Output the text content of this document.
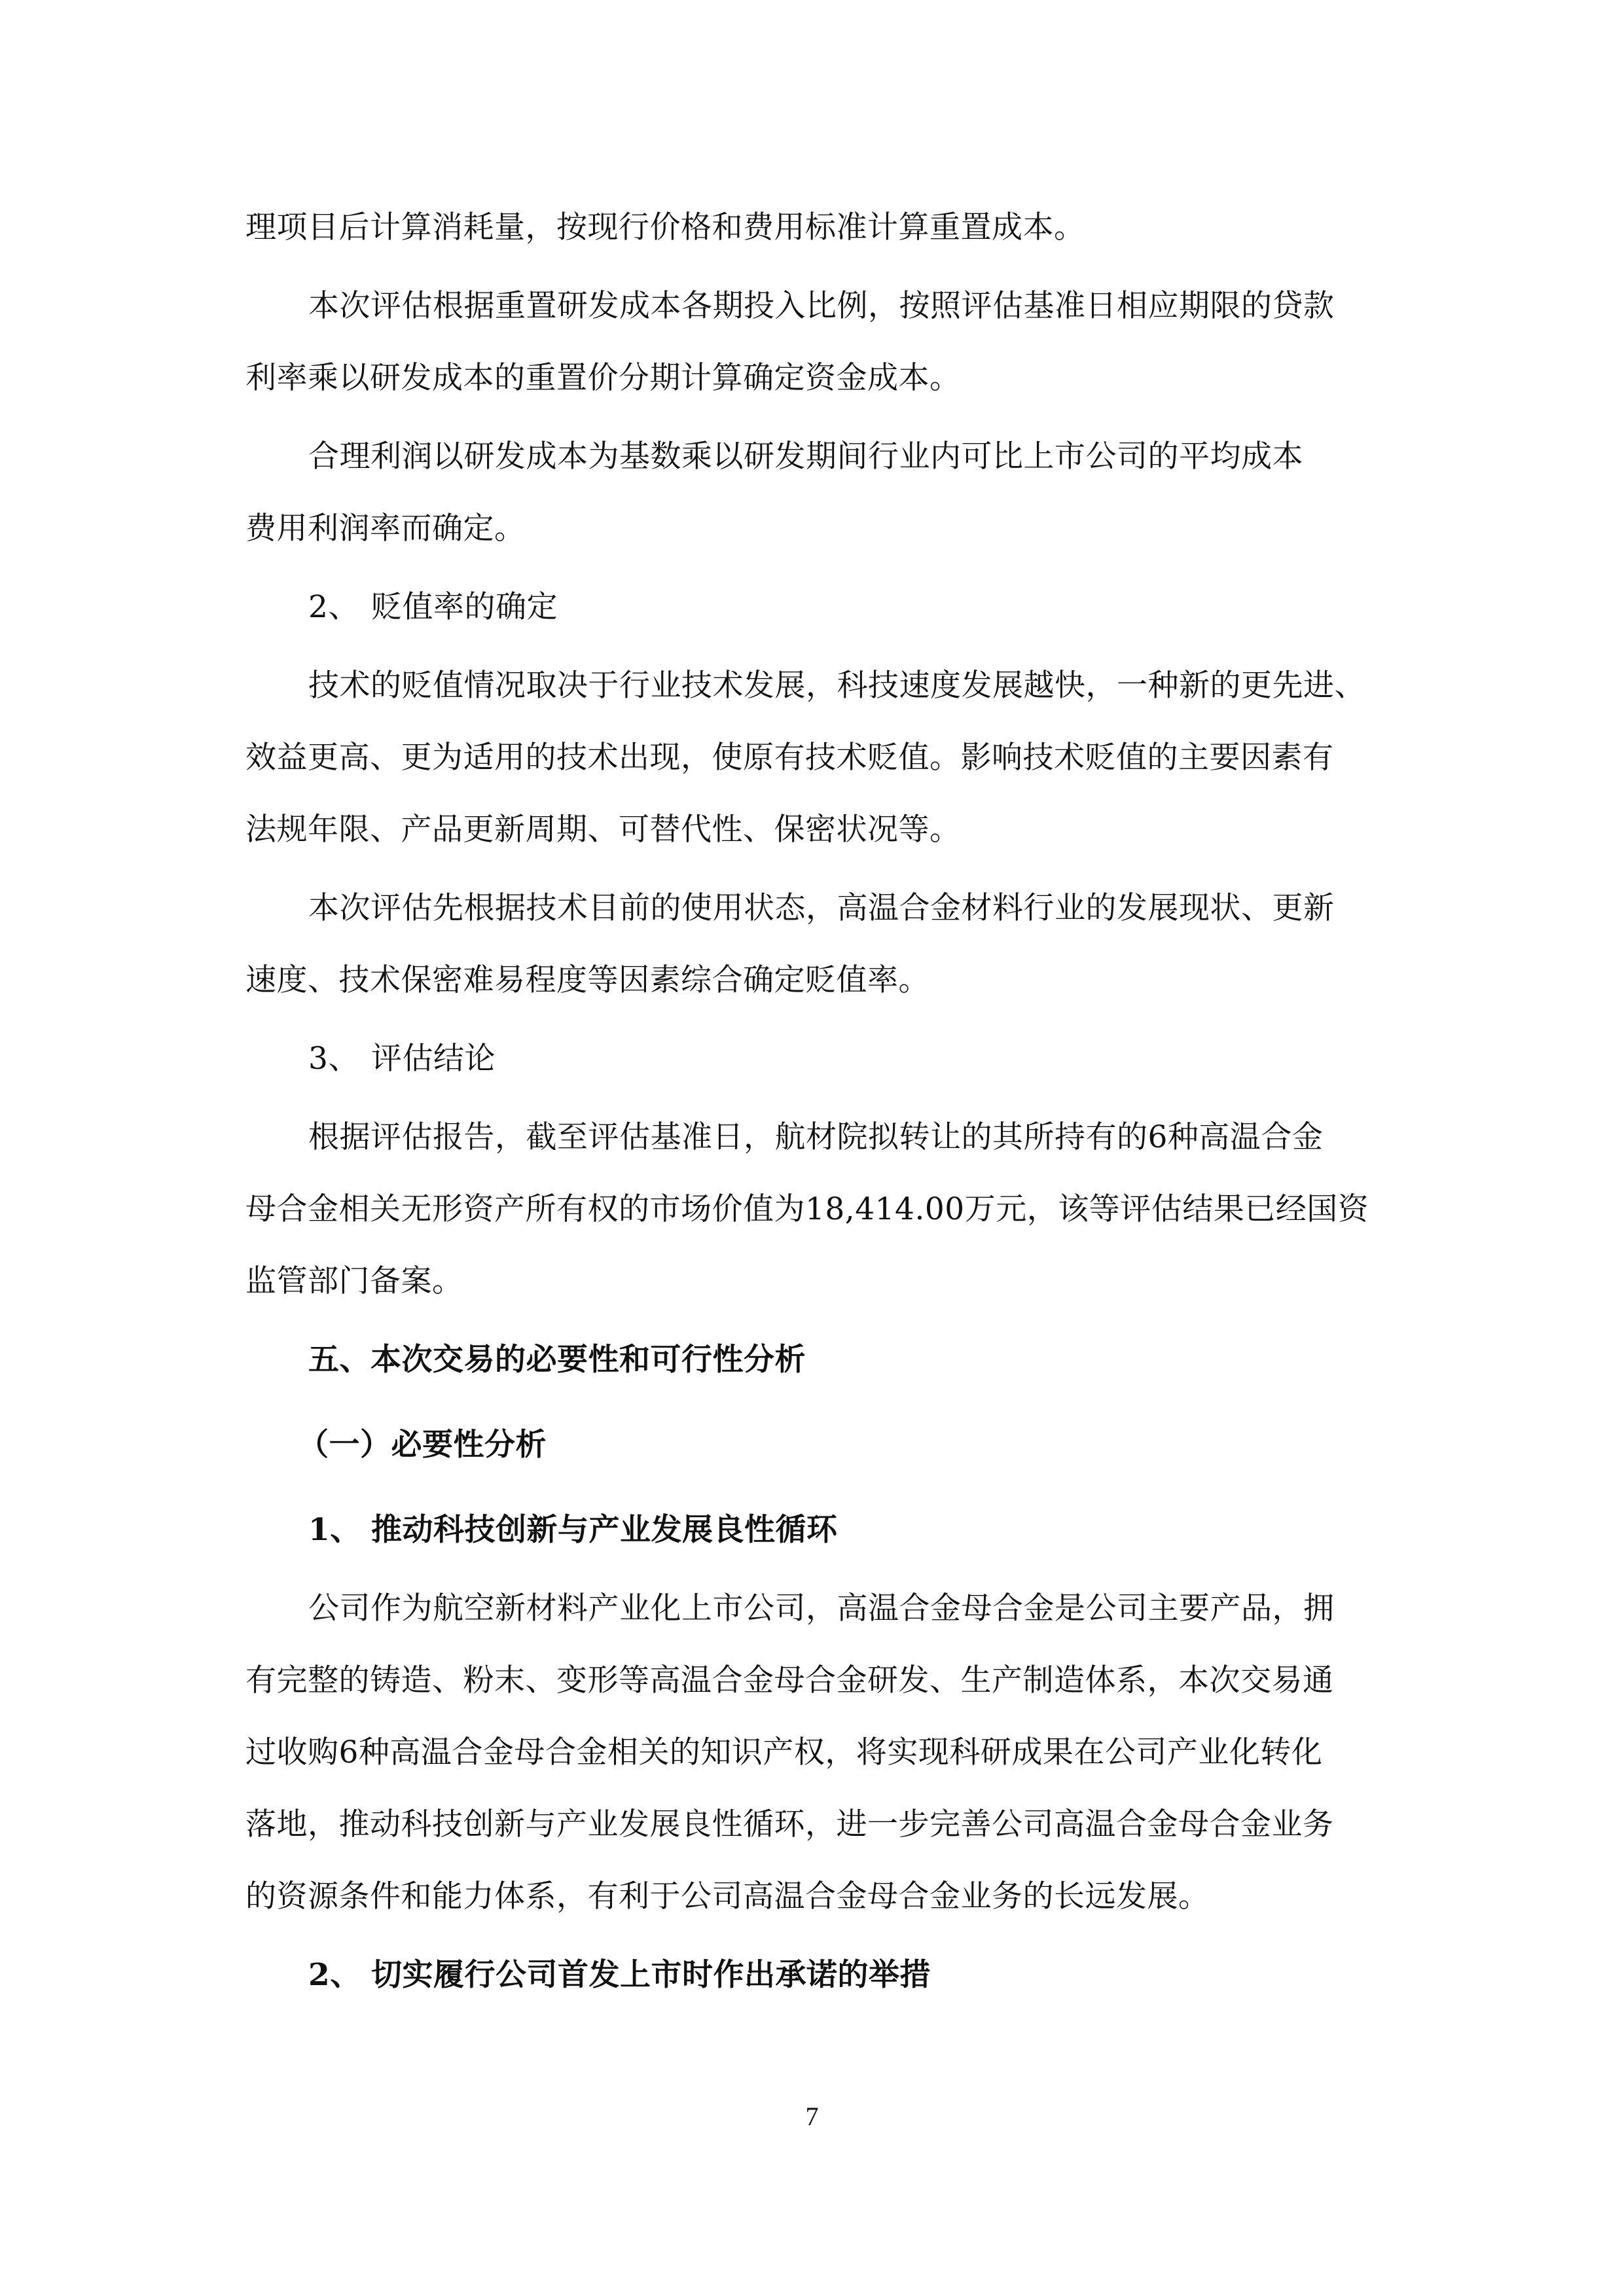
理项目后计算消耗量，按现行价格和费用标准计算重置成本。
本次评估根据重置研发成本各期投入比例，按照评估基准日相应期限的贷款
利率乘以研发成本的重置价分期计算确定资金成本。
合理利润以研发成本为基数乘以研发期间行业内可比上市公司的平均成本
费用利润率而确定。
2、 贬值率的确定
技术的贬值情况取决于行业技术发展，科技速度发展越快，一种新的更先进、
效益更高、更为适用的技术出现，使原有技术贬值。影响技术贬值的主要因素有
法规年限、产品更新周期、可替代性、保密状况等。
本次评估先根据技术目前的使用状态，高温合金材料行业的发展现状、更新
速度、技术保密难易程度等因素综合确定贬值率。
3、 评估结论
根据评估报告，截至评估基准日，航材院拟转让的其所持有的6种高温合金
母合金相关无形资产所有权的市场价值为18,414.00万元，该等评估结果已经国资
监管部门备案。
五、本次交易的必要性和可行性分析
（一）必要性分析
1、 推动科技创新与产业发展良性循环
公司作为航空新材料产业化上市公司，高温合金母合金是公司主要产品，拥
有完整的铸造、粉末、变形等高温合金母合金研发、生产制造体系，本次交易通
过收购6种高温合金母合金相关的知识产权，将实现科研成果在公司产业化转化
落地，推动科技创新与产业发展良性循环，进一步完善公司高温合金母合金业务
的资源条件和能力体系，有利于公司高温合金母合金业务的长远发展。
2、 切实履行公司首发上市时作出承诺的举措
7
